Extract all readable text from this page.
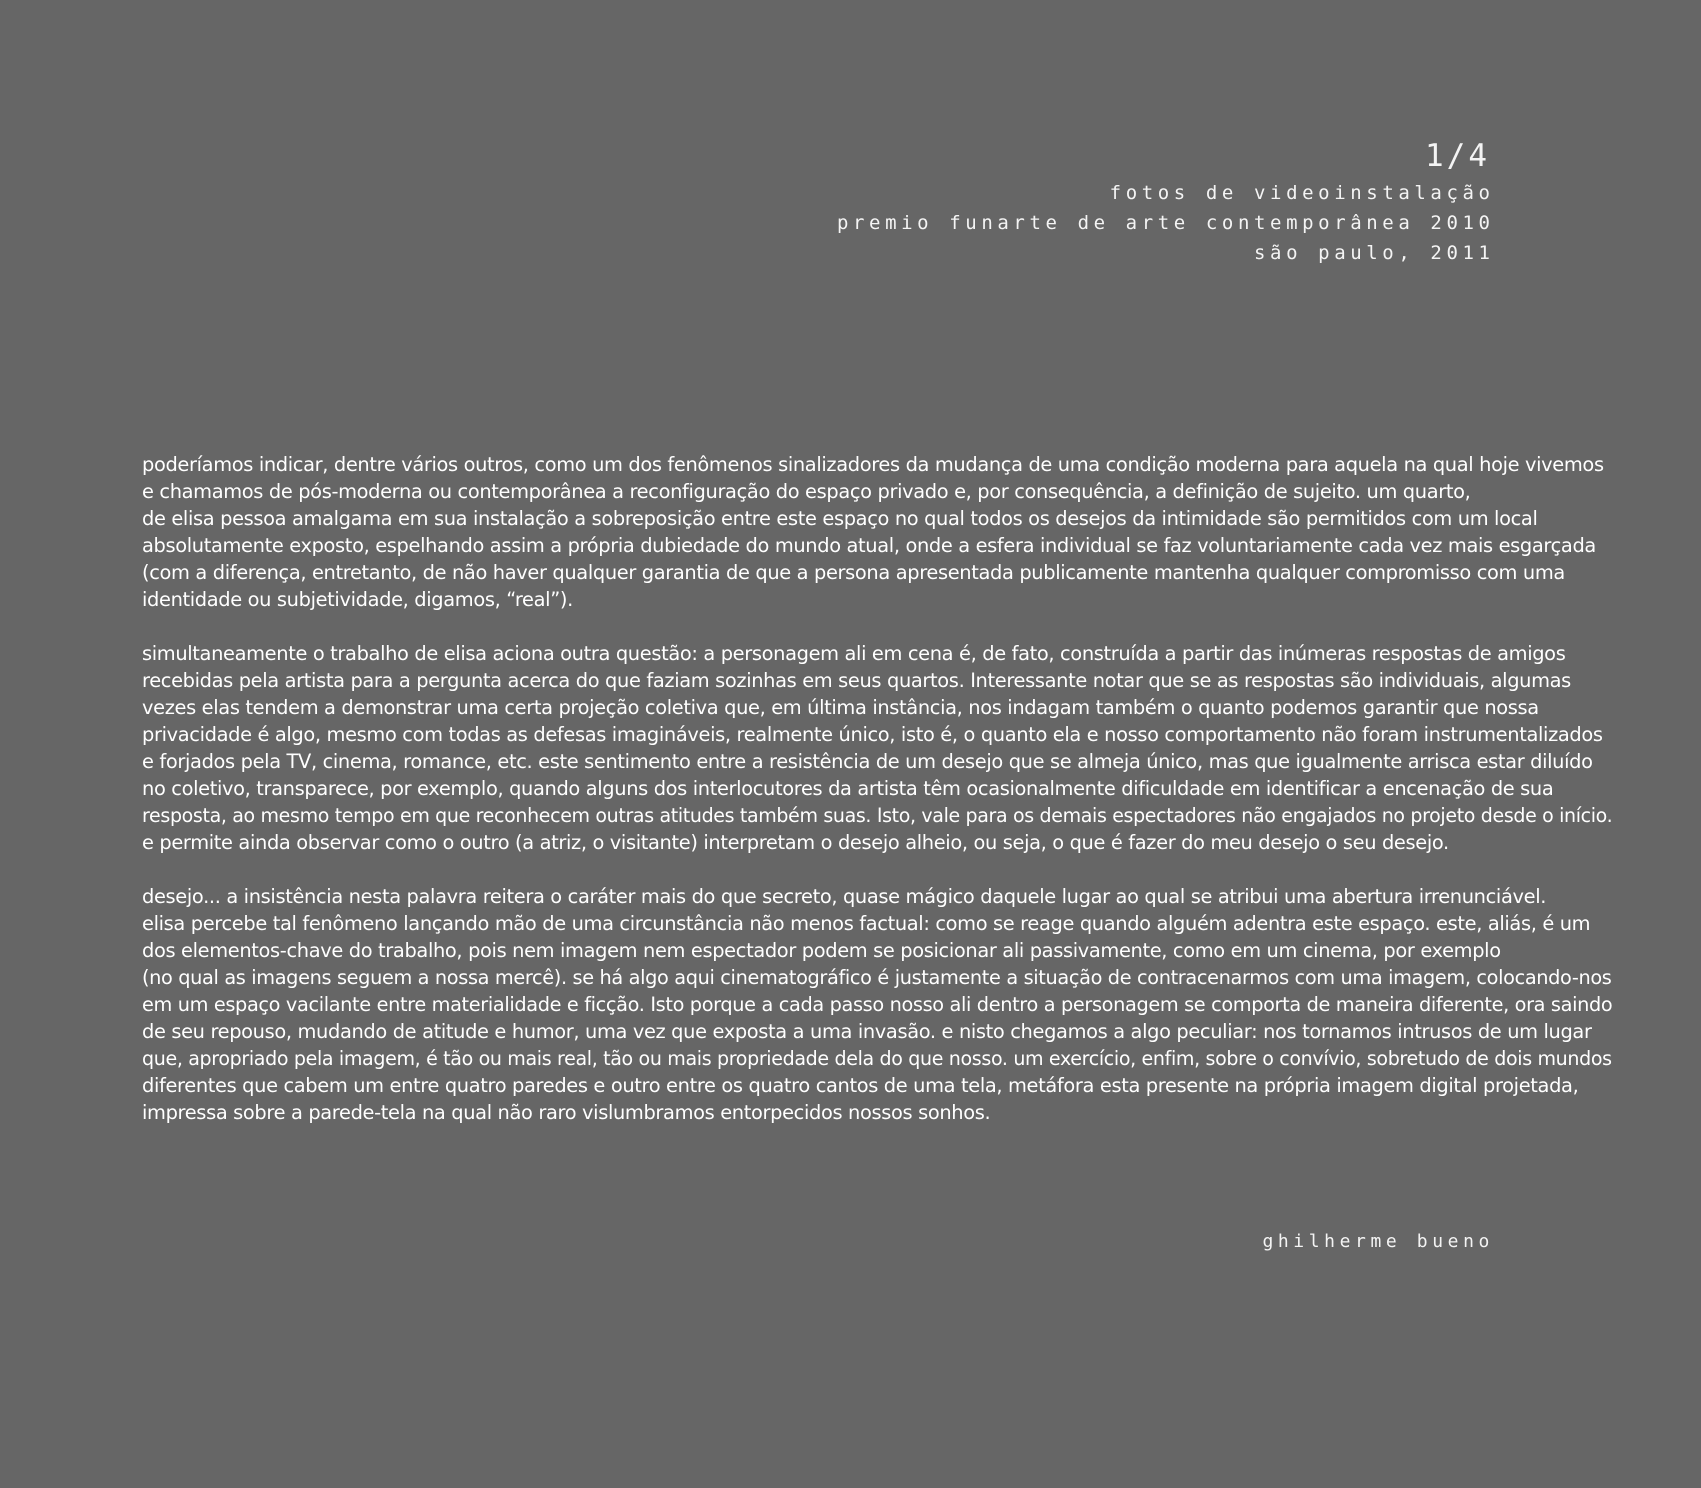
1/4
fotos de videoinstalação
premio funarte de arte contemporânea 2010
são paulo, 2011
poderíamos indicar, dentre vários outros, como um dos fenômenos sinalizadores da mudança de uma condição moderna para aquela na qual hoje vivemos
e chamamos de pós-moderna ou contemporânea a reconfiguração do espaço privado e, por consequência, a definição de sujeito. um quarto,
de elisa pessoa amalgama em sua instalação a sobreposição entre este espaço no qual todos os desejos da intimidade são permitidos com um local
absolutamente exposto, espelhando assim a própria dubiedade do mundo atual, onde a esfera individual se faz voluntariamente cada vez mais esgarçada
(com a diferença, entretanto, de não haver qualquer garantia de que a persona apresentada publicamente mantenha qualquer compromisso com uma
identidade ou subjetividade, digamos, “real”).
simultaneamente o trabalho de elisa aciona outra questão: a personagem ali em cena é, de fato, construída a partir das inúmeras respostas de amigos
recebidas pela artista para a pergunta acerca do que faziam sozinhas em seus quartos. Interessante notar que se as respostas são individuais, algumas
vezes elas tendem a demonstrar uma certa projeção coletiva que, em última instância, nos indagam também o quanto podemos garantir que nossa
privacidade é algo, mesmo com todas as defesas imagináveis, realmente único, isto é, o quanto ela e nosso comportamento não foram instrumentalizados
e forjados pela TV, cinema, romance, etc. este sentimento entre a resistência de um desejo que se almeja único, mas que igualmente arrisca estar diluído
no coletivo, transparece, por exemplo, quando alguns dos interlocutores da artista têm ocasionalmente dificuldade em identificar a encenação de sua
resposta, ao mesmo tempo em que reconhecem outras atitudes também suas. Isto, vale para os demais espectadores não engajados no projeto desde o início.
e permite ainda observar como o outro (a atriz, o visitante) interpretam o desejo alheio, ou seja, o que é fazer do meu desejo o seu desejo.
desejo... a insistência nesta palavra reitera o caráter mais do que secreto, quase mágico daquele lugar ao qual se atribui uma abertura irrenunciável.
elisa percebe tal fenômeno lançando mão de uma circunstância não menos factual: como se reage quando alguém adentra este espaço. este, aliás, é um
dos elementos-chave do trabalho, pois nem imagem nem espectador podem se posicionar ali passivamente, como em um cinema, por exemplo
(no qual as imagens seguem a nossa mercê). se há algo aqui cinematográfico é justamente a situação de contracenarmos com uma imagem, colocando-nos
em um espaço vacilante entre materialidade e ficção. Isto porque a cada passo nosso ali dentro a personagem se comporta de maneira diferente, ora saindo
de seu repouso, mudando de atitude e humor, uma vez que exposta a uma invasão. e nisto chegamos a algo peculiar: nos tornamos intrusos de um lugar
que, apropriado pela imagem, é tão ou mais real, tão ou mais propriedade dela do que nosso. um exercício, enfim, sobre o convívio, sobretudo de dois mundos
diferentes que cabem um entre quatro paredes e outro entre os quatro cantos de uma tela, metáfora esta presente na própria imagem digital projetada,
impressa sobre a parede-tela na qual não raro vislumbramos entorpecidos nossos sonhos.
ghilherme bueno
